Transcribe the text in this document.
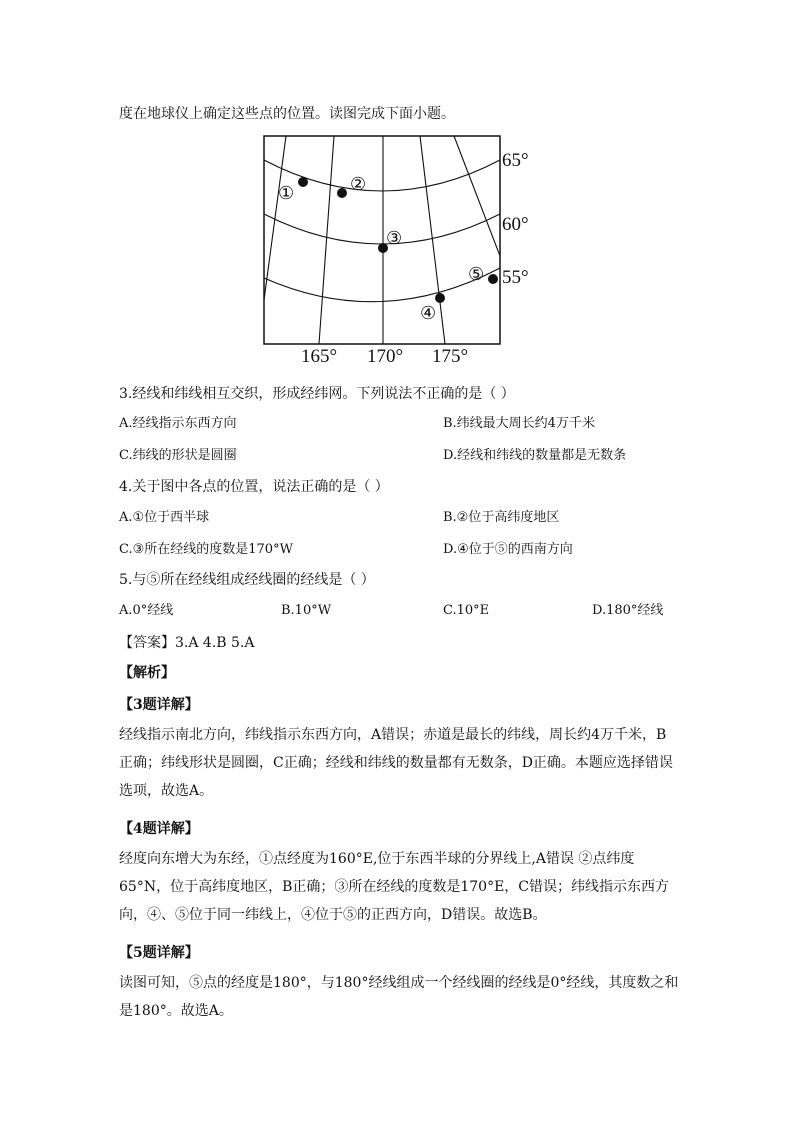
度在地球仪上确定这些点的位置。读图完成下面小题。
①	②
③
④
⑤
65°
60°
55°
165° 170° 175°
3.经线和纬线相互交织，形成经纬网。下列说法不正确的是（ ）
A.经线指示东西方向	B.纬线最大周长约4万千米
C.纬线的形状是圆圈	D.经线和纬线的数量都是无数条
4.关于图中各点的位置，说法正确的是（ ）
A.①位于西半球	B.②位于高纬度地区
C.③所在经线的度数是170°W	D.④位于⑤的西南方向
5.与⑤所在经线组成经线圈的经线是（ ）
A.0°经线	B.10°W	C.10°E	D.180°经线
【答案】3.A 4.B 5.A
【解析】
【3题详解】
经线指示南北方向，纬线指示东西方向，A错误；赤道是最长的纬线，周长约4万千米，B正确；纬线形状是圆圈，C正确；经线和纬线的数量都有无数条，D正确。本题应选择错误选项，故选A。
【4题详解】
经度向东增大为东经，①点经度为160°E,位于东西半球的分界线上,A错误 ②点纬度65°N，位于高纬度地区，B正确；③所在经线的度数是170°E，C错误；纬线指示东西方向，④、⑤位于同一纬线上，④位于⑤的正西方向，D错误。故选B。
【5题详解】
读图可知，⑤点的经度是180°，与180°经线组成一个经线圈的经线是0°经线，其度数之和是180°。故选A。
